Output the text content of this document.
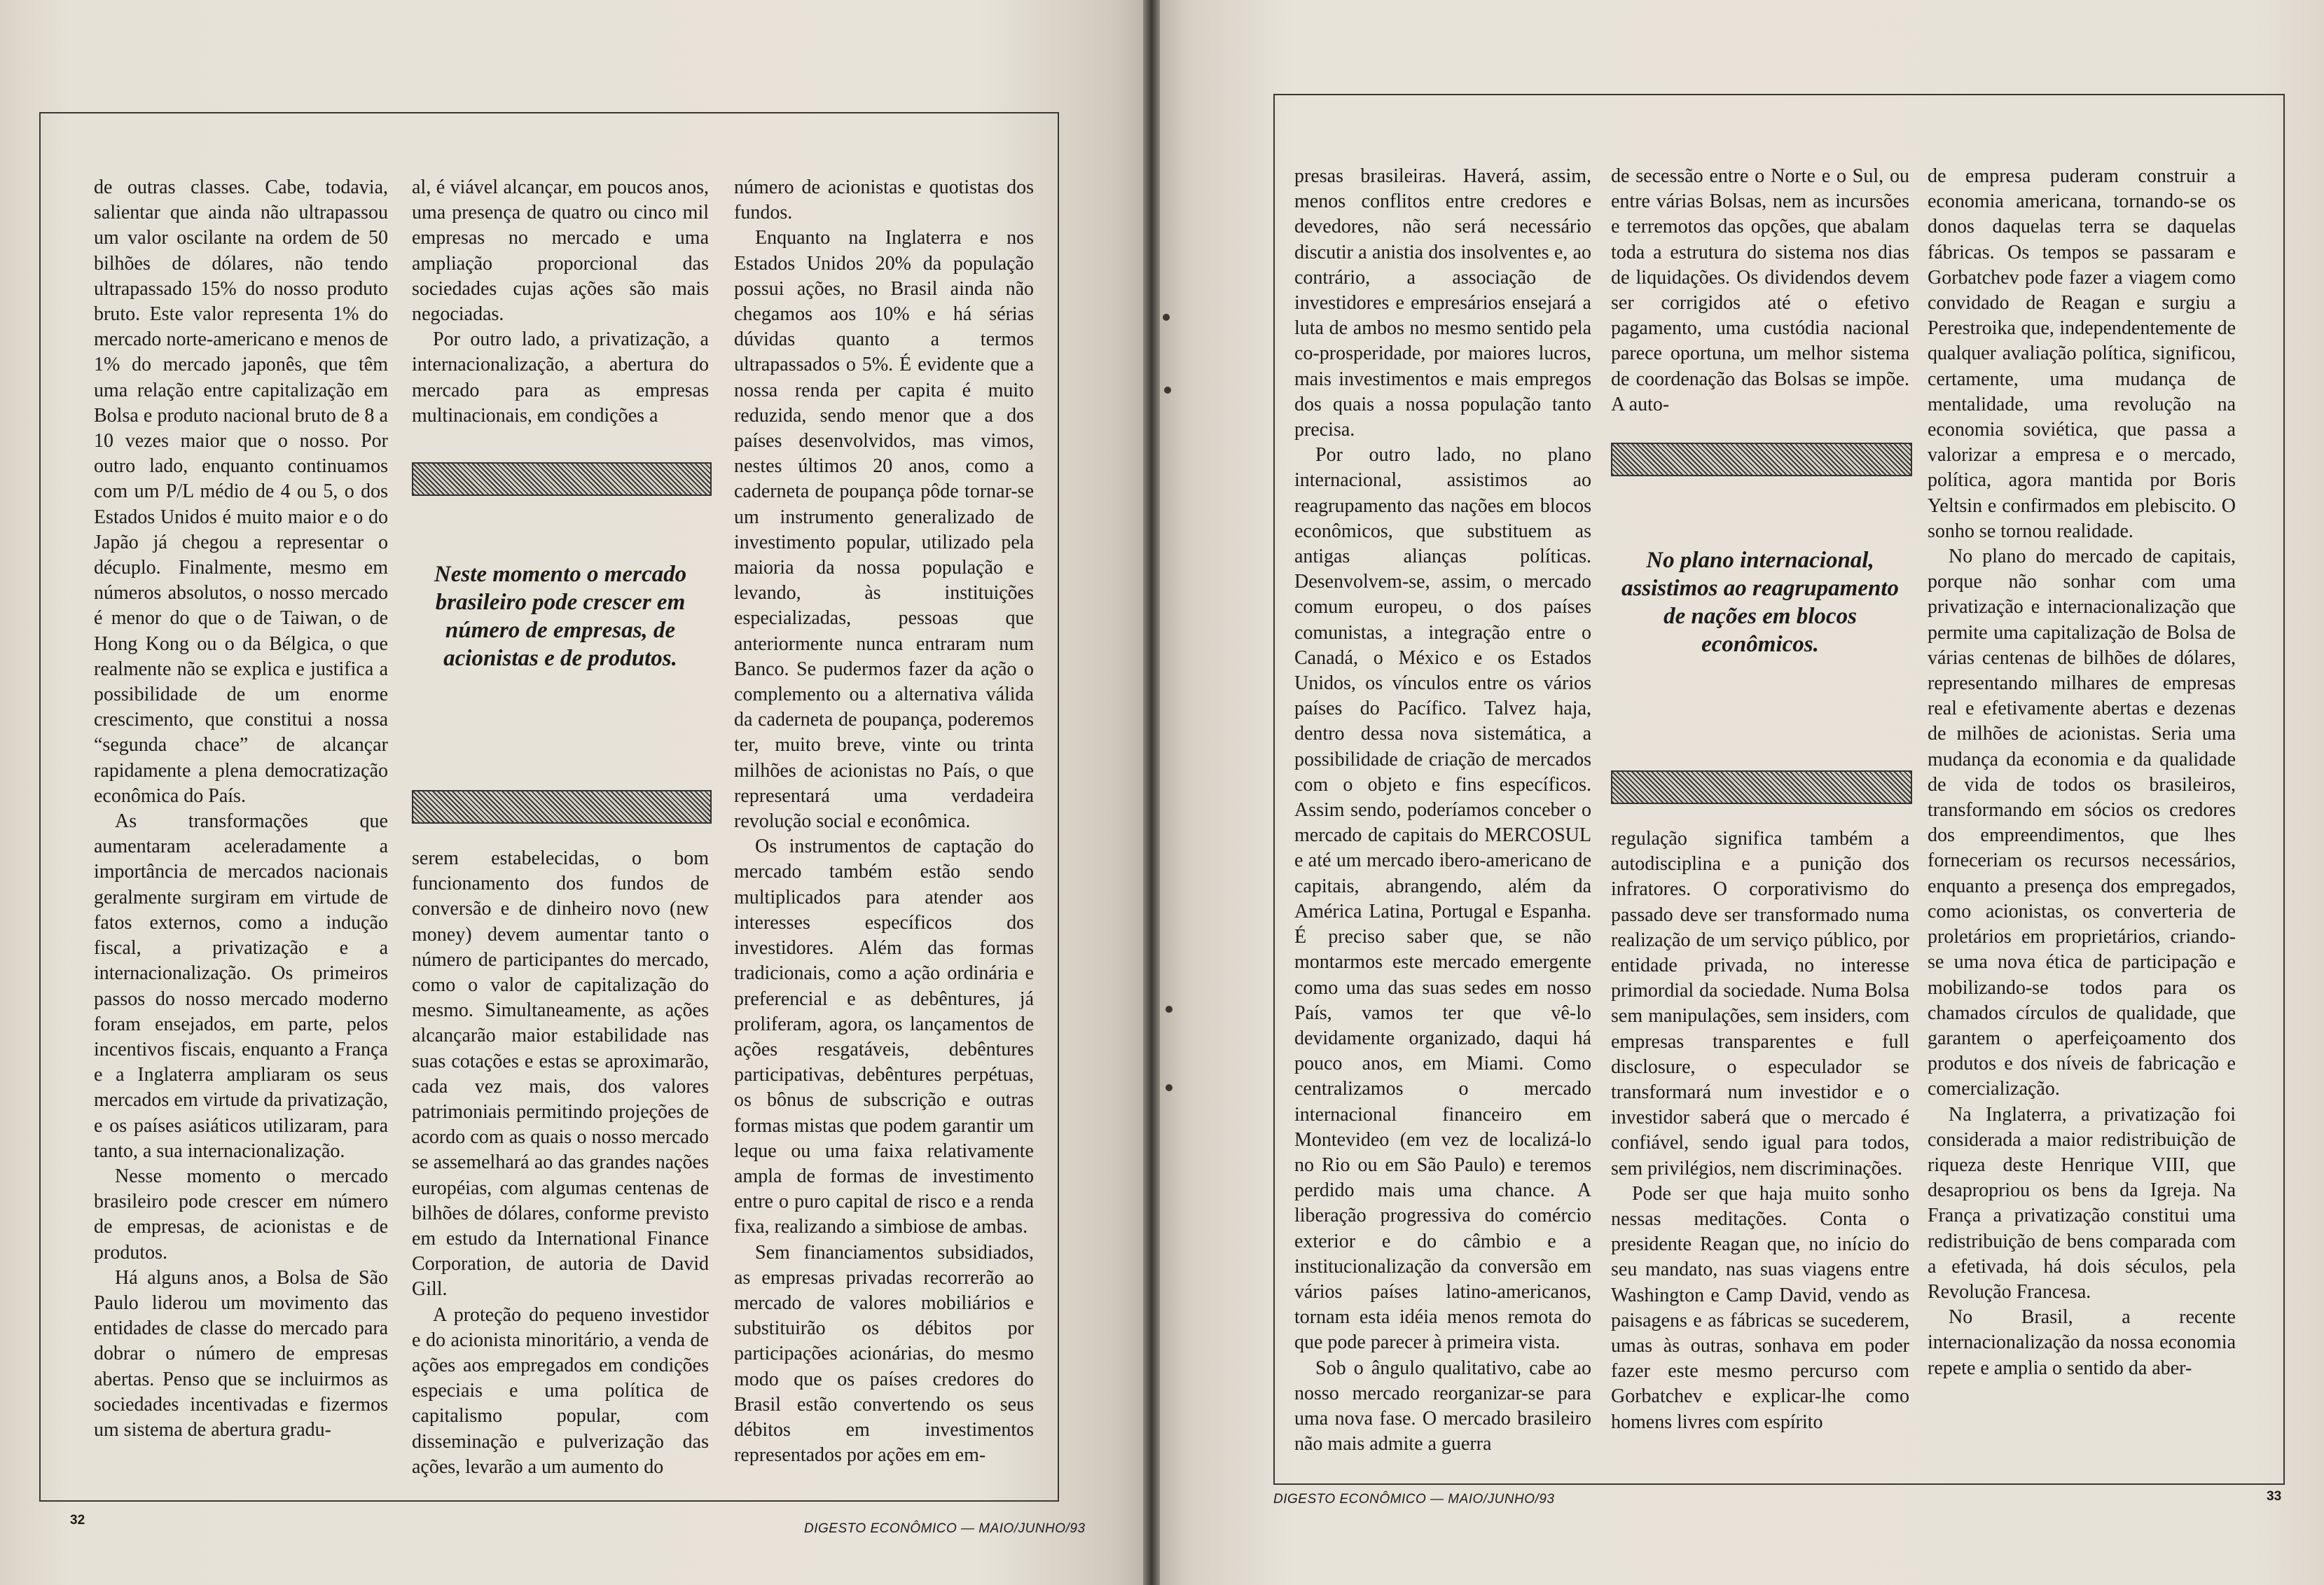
de outras classes. Cabe, todavia, salientar que ainda não ultrapassou um valor oscilante na ordem de 50 bilhões de dólares, não tendo ultrapassado 15% do nosso produto bruto. Este valor representa 1% do mercado norte-americano e menos de 1% do mercado japonês, que têm uma relação entre capitalização em Bolsa e produto nacional bruto de 8 a 10 vezes maior que o nosso. Por outro lado, enquanto continuamos com um P/L médio de 4 ou 5, o dos Estados Unidos é muito maior e o do Japão já chegou a representar o décuplo. Finalmente, mesmo em números absolutos, o nosso mercado é menor do que o de Taiwan, o de Hong Kong ou o da Bélgica, o que realmente não se explica e justifica a possibilidade de um enorme crescimento, que constitui a nossa “segunda chace” de alcançar rapidamente a plena democratização econômica do País.

As transformações que aumentaram aceleradamente a importância de mercados nacionais geralmente surgiram em virtude de fatos externos, como a indução fiscal, a privatização e a internacionalização. Os primeiros passos do nosso mercado moderno foram ensejados, em parte, pelos incentivos fiscais, enquanto a França e a Inglaterra ampliaram os seus mercados em virtude da privatização, e os países asiáticos utilizaram, para tanto, a sua internacionalização.

Nesse momento o mercado brasileiro pode crescer em número de empresas, de acionistas e de produtos.

Há alguns anos, a Bolsa de São Paulo liderou um movimento das entidades de classe do mercado para dobrar o número de empresas abertas. Penso que se incluirmos as sociedades incentivadas e fizermos um sistema de abertura gradu-

al, é viável alcançar, em poucos anos, uma presença de quatro ou cinco mil empresas no mercado e uma ampliação proporcional das sociedades cujas ações são mais negociadas.

Por outro lado, a privatização, a internacionalização, a abertura do mercado para as empresas multinacionais, em condições a

Neste momento o mercado brasileiro pode crescer em número de empresas, de acionistas e de produtos.

serem estabelecidas, o bom funcionamento dos fundos de conversão e de dinheiro novo (new money) devem aumentar tanto o número de participantes do mercado, como o valor de capitalização do mesmo. Simultaneamente, as ações alcançarão maior estabilidade nas suas cotações e estas se aproximarão, cada vez mais, dos valores patrimoniais permitindo projeções de acordo com as quais o nosso mercado se assemelhará ao das grandes nações européias, com algumas centenas de bilhões de dólares, conforme previsto em estudo da International Finance Corporation, de autoria de David Gill.

A proteção do pequeno investidor e do acionista minoritário, a venda de ações aos empregados em condições especiais e uma política de capitalismo popular, com disseminação e pulverização das ações, levarão a um aumento do

número de acionistas e quotistas dos fundos.

Enquanto na Inglaterra e nos Estados Unidos 20% da população possui ações, no Brasil ainda não chegamos aos 10% e há sérias dúvidas quanto a termos ultrapassados o 5%. É evidente que a nossa renda per capita é muito reduzida, sendo menor que a dos países desenvolvidos, mas vimos, nestes últimos 20 anos, como a caderneta de poupança pôde tornar-se um instrumento generalizado de investimento popular, utilizado pela maioria da nossa população e levando, às instituições especializadas, pessoas que anteriormente nunca entraram num Banco. Se pudermos fazer da ação o complemento ou a alternativa válida da caderneta de poupança, poderemos ter, muito breve, vinte ou trinta milhões de acionistas no País, o que representará uma verdadeira revolução social e econômica.

Os instrumentos de captação do mercado também estão sendo multiplicados para atender aos interesses específicos dos investidores. Além das formas tradicionais, como a ação ordinária e preferencial e as debêntures, já proliferam, agora, os lançamentos de ações resgatáveis, debêntures participativas, debêntures perpétuas, os bônus de subscrição e outras formas mistas que podem garantir um leque ou uma faixa relativamente ampla de formas de investimento entre o puro capital de risco e a renda fixa, realizando a simbiose de ambas.

Sem financiamentos subsidiados, as empresas privadas recorrerão ao mercado de valores mobiliários e substituirão os débitos por participações acionárias, do mesmo modo que os países credores do Brasil estão convertendo os seus débitos em investimentos representados por ações em em-

32
DIGESTO ECONÔMICO — MAIO/JUNHO/93

presas brasileiras. Haverá, assim, menos conflitos entre credores e devedores, não será necessário discutir a anistia dos insolventes e, ao contrário, a associação de investidores e empresários ensejará a luta de ambos no mesmo sentido pela co-prosperidade, por maiores lucros, mais investimentos e mais empregos dos quais a nossa população tanto precisa.

Por outro lado, no plano internacional, assistimos ao reagrupamento das nações em blocos econômicos, que substituem as antigas alianças políticas. Desenvolvem-se, assim, o mercado comum europeu, o dos países comunistas, a integração entre o Canadá, o México e os Estados Unidos, os vínculos entre os vários países do Pacífico. Talvez haja, dentro dessa nova sistemática, a possibilidade de criação de mercados com o objeto e fins específicos. Assim sendo, poderíamos conceber o mercado de capitais do MERCOSUL e até um mercado ibero-americano de capitais, abrangendo, além da América Latina, Portugal e Espanha. É preciso saber que, se não montarmos este mercado emergente como uma das suas sedes em nosso País, vamos ter que vê-lo devidamente organizado, daqui há pouco anos, em Miami. Como centralizamos o mercado internacional financeiro em Montevideo (em vez de localizá-lo no Rio ou em São Paulo) e teremos perdido mais uma chance. A liberação progressiva do comércio exterior e do câmbio e a institucionalização da conversão em vários países latino-americanos, tornam esta idéia menos remota do que pode parecer à primeira vista.

Sob o ângulo qualitativo, cabe ao nosso mercado reorganizar-se para uma nova fase. O mercado brasileiro não mais admite a guerra

de secessão entre o Norte e o Sul, ou entre várias Bolsas, nem as incursões e terremotos das opções, que abalam toda a estrutura do sistema nos dias de liquidações. Os dividendos devem ser corrigidos até o efetivo pagamento, uma custódia nacional parece oportuna, um melhor sistema de coordenação das Bolsas se impõe. A auto-

No plano internacional, assistimos ao reagrupamento de nações em blocos econômicos.

regulação significa também a autodisciplina e a punição dos infratores. O corporativismo do passado deve ser transformado numa realização de um serviço público, por entidade privada, no interesse primordial da sociedade. Numa Bolsa sem manipulações, sem insiders, com empresas transparentes e full disclosure, o especulador se transformará num investidor e o investidor saberá que o mercado é confiável, sendo igual para todos, sem privilégios, nem discriminações.

Pode ser que haja muito sonho nessas meditações. Conta o presidente Reagan que, no início do seu mandato, nas suas viagens entre Washington e Camp David, vendo as paisagens e as fábricas se sucederem, umas às outras, sonhava em poder fazer este mesmo percurso com Gorbatchev e explicar-lhe como homens livres com espírito

de empresa puderam construir a economia americana, tornando-se os donos daquelas terra se daquelas fábricas. Os tempos se passaram e Gorbatchev pode fazer a viagem como convidado de Reagan e surgiu a Perestroika que, independentemente de qualquer avaliação política, significou, certamente, uma mudança de mentalidade, uma revolução na economia soviética, que passa a valorizar a empresa e o mercado, política, agora mantida por Boris Yeltsin e confirmados em plebiscito. O sonho se tornou realidade.

No plano do mercado de capitais, porque não sonhar com uma privatização e internacionalização que permite uma capitalização de Bolsa de várias centenas de bilhões de dólares, representando milhares de empresas real e efetivamente abertas e dezenas de milhões de acionistas. Seria uma mudança da economia e da qualidade de vida de todos os brasileiros, transformando em sócios os credores dos empreendimentos, que lhes forneceriam os recursos necessários, enquanto a presença dos empregados, como acionistas, os converteria de proletários em proprietários, criando-se uma nova ética de participação e mobilizando-se todos para os chamados círculos de qualidade, que garantem o aperfeiçoamento dos produtos e dos níveis de fabricação e comercialização.

Na Inglaterra, a privatização foi considerada a maior redistribuição de riqueza deste Henrique VIII, que desapropriou os bens da Igreja. Na França a privatização constitui uma redistribuição de bens comparada com a efetivada, há dois séculos, pela Revolução Francesa.

No Brasil, a recente internacionalização da nossa economia repete e amplia o sentido da aber-

DIGESTO ECONÔMICO — MAIO/JUNHO/93	33
